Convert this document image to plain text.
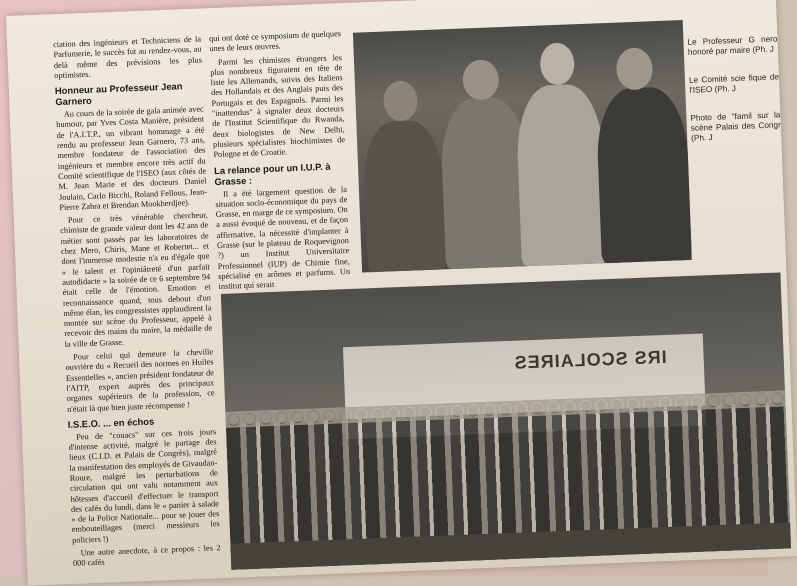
ciation des ingénieurs et Techniciens de la Parfumerie, le succès fut au rendez-vous, au delà même des prévisions les plus optimistes.

Honneur au Professeur Jean Garnero

Au cours de la soirée de gala animée avec humour, par Yves Costa Manière, président de l'A.I.T.P., un vibrant hommage a été rendu au professeur Jean Garnero, 73 ans, membre fondateur de l'association des ingénieurs et membre encore très actif du Comité scientifique de l'ISEO (aux côtés de M. Jean Marie et des docteurs Daniel Joulain, Carlo Bicchi, Roland Fellous, Jean-Pierre Zahra et Brendan Mookherdjee).

Pour ce très vénérable chercheur, chimiste de grande valeur dont les 42 ans de métier sont passés par les laboratoires de chez Mero, Chiris, Mane et Robertet... et dont l'immense modestie n'a eu d'égale que « le talent et l'opiniâtreté d'un parfait autodidacte » la soirée de ce 6 septembre 94 était celle de l'émotion. Emotion et reconnaissance quand, tous debout d'un même élan, les congressistes applaudirent la montée sur scène du Professeur, appelé à recevoir des mains du maire, la médaille de la ville de Grasse.

Pour celui qui demeure la cheville ouvrière du « Recueil des normes en Huiles Essentielles », ancien président fondateur de l'AITP, expert auprès des principaux organes supérieurs de la profession, ce n'était là que bien juste récompense !

I.S.E.O. ... en échos

Peu de "couacs" sur ces trois jours d'intense activité, malgré le partage des lieux (C.I.D. et Palais de Congrès), malgré la manifestation des employés de Givaudan-Roure, malgré les perturbations de circulation qui ont valu notamment aux hôtesses d'accueil d'effectuer le transport des cafés du lundi, dans le « panier à salade » de la Police Nationale... pour se jouer des embouteillages (merci messieurs les policiers !)

Une autre anecdote, à ce propos : les 2 000 cafés

qui ont doté ce symposium de quelques unes de leurs œuvres.

Parmi les chimistes étrangers les plus nombreux figuraient en tête de liste les Allemands, suivis des Italiens des Hollandais et des Anglais puis des Portugais et des Espagnols. Parmi les "inattendus" à signaler deux docteurs de l'Institut Scientifique du Rwanda, deux biologistes de New Delhi, plusieurs spécialistes biochimistes de Pologne et de Croatie.

La relance pour un I.U.P. à Grasse :

Il a été largement question de la situation socio-économique du pays de Grasse, en marge de ce symposium. On a aussi évoqué de nouveau, et de façon affirmative, la nécessité d'implanter à Grasse (sur le plateau de Roquevignon ?) un Institut Universitaire Professionnel (IUP) de Chimie fine, spécialisé en arômes et parfums. Un institut qui serait

IRS SCOLAIRES

Le Professeur G nero honoré par maire (Ph. J

Le Comité scie fique de l'ISEO (Ph. J

Photo de "famil sur la scène Palais des Congr (Ph. J
